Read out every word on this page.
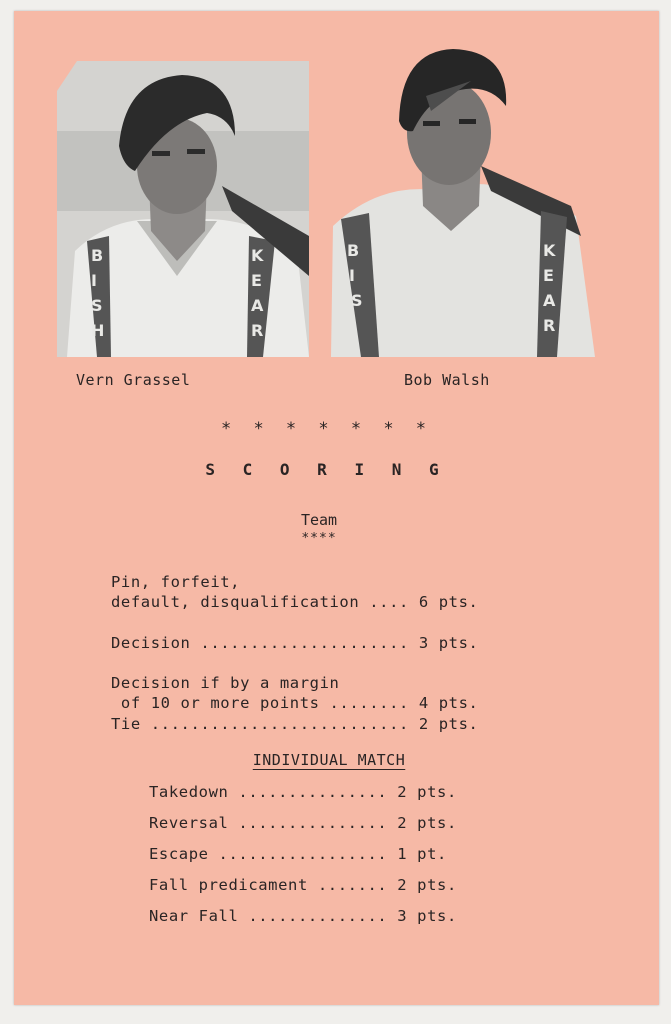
B
I
S
H
K
E
A
R
B
I
S
K
E
A
R
Vern Grassel	Bob Walsh
* * * * * * *
S C O R I N G
Team
****
Pin, forfeit,
default, disqualification .... 6 pts.
Decision ..................... 3 pts.
Decision if by a margin
of 10 or more points ........ 4 pts.
Tie .......................... 2 pts.
INDIVIDUAL MATCH
Takedown ............... 2 pts.
Reversal ............... 2 pts.
Escape ................. 1 pt.
Fall predicament ....... 2 pts.
Near Fall .............. 3 pts.
